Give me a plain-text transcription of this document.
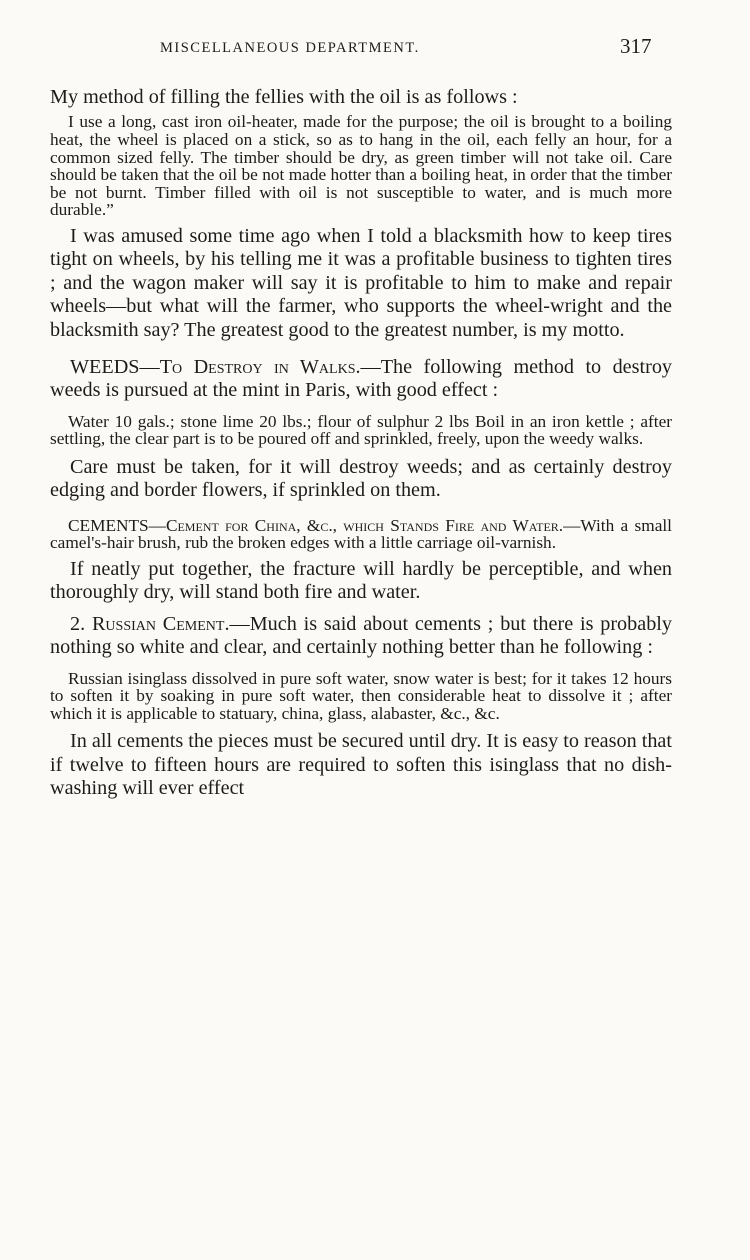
MISCELLANEOUS DEPARTMENT.	317

My method of filling the fellies with the oil is as follows :

I use a long, cast iron oil-heater, made for the purpose; the oil is brought to a boiling heat, the wheel is placed on a stick, so as to hang in the oil, each felly an hour, for a common sized felly. The timber should be dry, as green timber will not take oil. Care should be taken that the oil be not made hotter than a boiling heat, in order that the timber be not burnt. Timber filled with oil is not susceptible to water, and is much more durable.”

I was amused some time ago when I told a blacksmith how to keep tires tight on wheels, by his telling me it was a profitable business to tighten tires ; and the wagon maker will say it is profitable to him to make and repair wheels—but what will the farmer, who supports the wheel-wright and the blacksmith say? The greatest good to the greatest number, is my motto.

WEEDS—To Destroy in Walks.—The following method to destroy weeds is pursued at the mint in Paris, with good effect :

Water 10 gals.; stone lime 20 lbs.; flour of sulphur 2 lbs Boil in an iron kettle ; after settling, the clear part is to be poured off and sprinkled, freely, upon the weedy walks.

Care must be taken, for it will destroy weeds; and as certainly destroy edging and border flowers, if sprinkled on them.

CEMENTS—Cement for China, &c., which Stands Fire and Water.—With a small camel's-hair brush, rub the broken edges with a little carriage oil-varnish.

If neatly put together, the fracture will hardly be perceptible, and when thoroughly dry, will stand both fire and water.

2. Russian Cement.—Much is said about cements ; but there is probably nothing so white and clear, and certainly nothing better than he following :

Russian isinglass dissolved in pure soft water, snow water is best; for it takes 12 hours to soften it by soaking in pure soft water, then considerable heat to dissolve it ; after which it is applicable to statuary, china, glass, alabaster, &c., &c.

In all cements the pieces must be secured until dry. It is easy to reason that if twelve to fifteen hours are required to soften this isinglass that no dish-washing will ever effect
